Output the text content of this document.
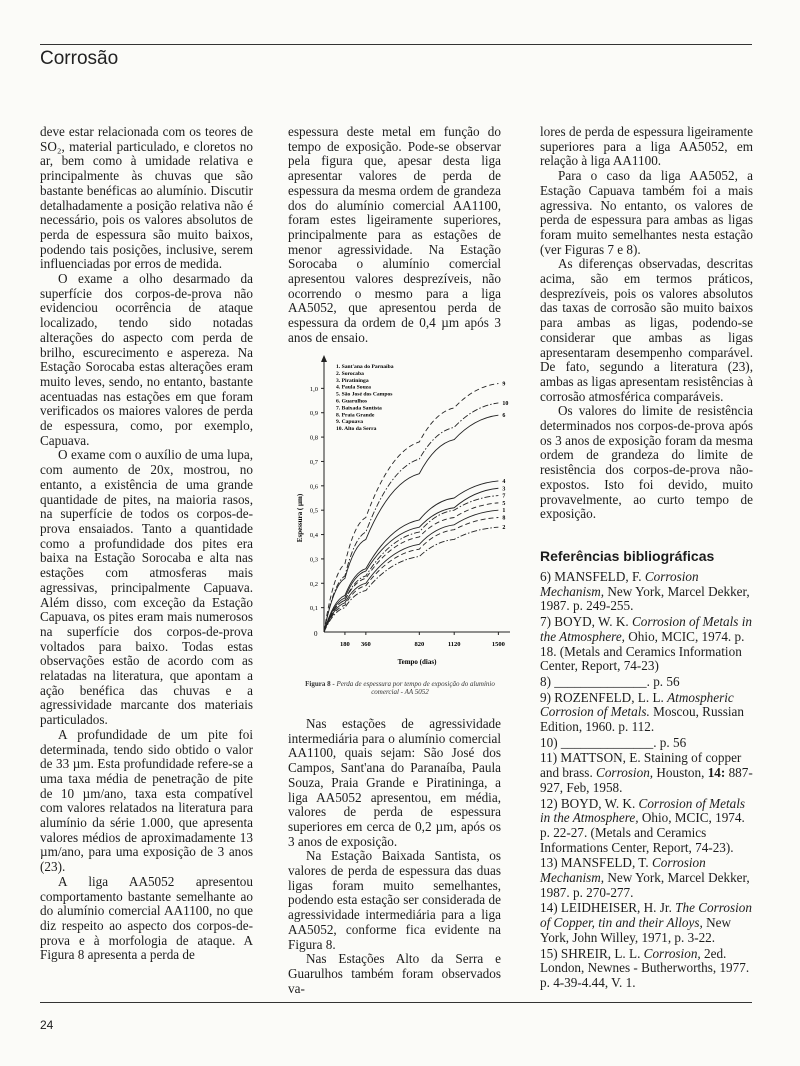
Corrosão

deve estar relacionada com os teores de SO₂, material particulado, e cloretos no ar, bem como à umidade relativa e principalmente às chuvas que são bastante benéficas ao alumínio. Discutir detalhadamente a posição relativa não é necessário, pois os valores absolutos de perda de espessura são muito baixos, podendo tais posições, inclusive, serem influenciadas por erros de medida.

O exame a olho desarmado da superfície dos corpos-de-prova não evidenciou ocorrência de ataque localizado, tendo sido notadas alterações do aspecto com perda de brilho, escurecimento e aspereza. Na Estação Sorocaba estas alterações eram muito leves, sendo, no entanto, bastante acentuadas nas estações em que foram verificados os maiores valores de perda de espessura, como, por exemplo, Capuava.

O exame com o auxílio de uma lupa, com aumento de 20x, mostrou, no entanto, a existência de uma grande quantidade de pites, na maioria rasos, na superfície de todos os corpos-de-prova ensaiados. Tanto a quantidade como a profundidade dos pites era baixa na Estação Sorocaba e alta nas estações com atmosferas mais agressivas, principalmente Capuava. Além disso, com exceção da Estação Capuava, os pites eram mais numerosos na superfície dos corpos-de-prova voltados para baixo. Todas estas observações estão de acordo com as relatadas na literatura, que apontam a ação benéfica das chuvas e a agressividade marcante dos materiais particulados.

A profundidade de um pite foi determinada, tendo sido obtido o valor de 33 µm. Esta profundidade refere-se a uma taxa média de penetração de pite de 10 µm/ano, taxa esta compatível com valores relatados na literatura para alumínio da série 1.000, que apresenta valores médios de aproximadamente 13 µm/ano, para uma exposição de 3 anos (23).

A liga AA5052 apresentou comportamento bastante semelhante ao do alumínio comercial AA1100, no que diz respeito ao aspecto dos corpos-de-prova e à morfologia de ataque. A Figura 8 apresenta a perda de

espessura deste metal em função do tempo de exposição. Pode-se observar pela figura que, apesar desta liga apresentar valores de perda de espessura da mesma ordem de grandeza dos do alumínio comercial AA1100, foram estes ligeiramente superiores, principalmente para as estações de menor agressividade. Na Estação Sorocaba o alumínio comercial apresentou valores desprezíveis, não ocorrendo o mesmo para a liga AA5052, que apresentou perda de espessura da ordem de 0,4 µm após 3 anos de ensaio.

0
0,1
0,2
0,3
0,4
0,5
0,6
0,7
0,8
0,9
1,0
180 360	820	1120	1500
Tempo (dias)
Espessura ( µm)
1. Sant'ana do Parnaíba
2. Sorocaba
3. Piratininga
4. Paula Souza
5. São José dos Campos
6. Guarulhos
7. Baixada Santista
8. Praia Grande
9. Capuava
10. Alto da Serra
1
2
3
4
5
6
7
8
9
10
Figura 8 - Perda de espessura por tempo de exposição do alumínio comercial - AA 5052

Nas estações de agressividade intermediária para o alumínio comercial AA1100, quais sejam: São José dos Campos, Sant'ana do Paranaíba, Paula Souza, Praia Grande e Piratininga, a liga AA5052 apresentou, em média, valores de perda de espessura superiores em cerca de 0,2 µm, após os 3 anos de exposição.

Na Estação Baixada Santista, os valores de perda de espessura das duas ligas foram muito semelhantes, podendo esta estação ser considerada de agressividade intermediária para a liga AA5052, conforme fica evidente na Figura 8.

Nas Estações Alto da Serra e Guarulhos também foram observados va-

lores de perda de espessura ligeiramente superiores para a liga AA5052, em relação à liga AA1100.

Para o caso da liga AA5052, a Estação Capuava também foi a mais agressiva. No entanto, os valores de perda de espessura para ambas as ligas foram muito semelhantes nesta estação (ver Figuras 7 e 8).

As diferenças observadas, descritas acima, são em termos práticos, desprezíveis, pois os valores absolutos das taxas de corrosão são muito baixos para ambas as ligas, podendo-se considerar que ambas as ligas apresentaram desempenho comparável. De fato, segundo a literatura (23), ambas as ligas apresentam resistências à corrosão atmosférica comparáveis.

Os valores do limite de resistência determinados nos corpos-de-prova após os 3 anos de exposição foram da mesma ordem de grandeza do limite de resistência dos corpos-de-prova não-expostos. Isto foi devido, muito provavelmente, ao curto tempo de exposição.

Referências bibliográficas

6) MANSFELD, F. Corrosion Mechanism, New York, Marcel Dekker, 1987. p. 249-255.

7) BOYD, W. K. Corrosion of Metals in the Atmosphere, Ohio, MCIC, 1974. p. 18. (Metals and Ceramics Information Center, Report, 74-23)

8) ______________. p. 56

9) ROZENFELD, L. L. Atmospheric Corrosion of Metals. Moscou, Russian Edition, 1960. p. 112.

10) ______________. p. 56

11) MATTSON, E. Staining of copper and brass. Corrosion, Houston, 14: 887-927, Feb, 1958.

12) BOYD, W. K. Corrosion of Metals in the Atmosphere, Ohio, MCIC, 1974. p. 22-27. (Metals and Ceramics Informations Center, Report, 74-23).

13) MANSFELD, T. Corrosion Mechanism, New York, Marcel Dekker, 1987. p. 270-277.

14) LEIDHEISER, H. Jr. The Corrosion of Copper, tin and their Alloys, New York, John Willey, 1971, p. 3-22.

15) SHREIR, L. L. Corrosion, 2ed. London, Newnes - Butherworths, 1977. p. 4-39-4.44, V. 1.

24
